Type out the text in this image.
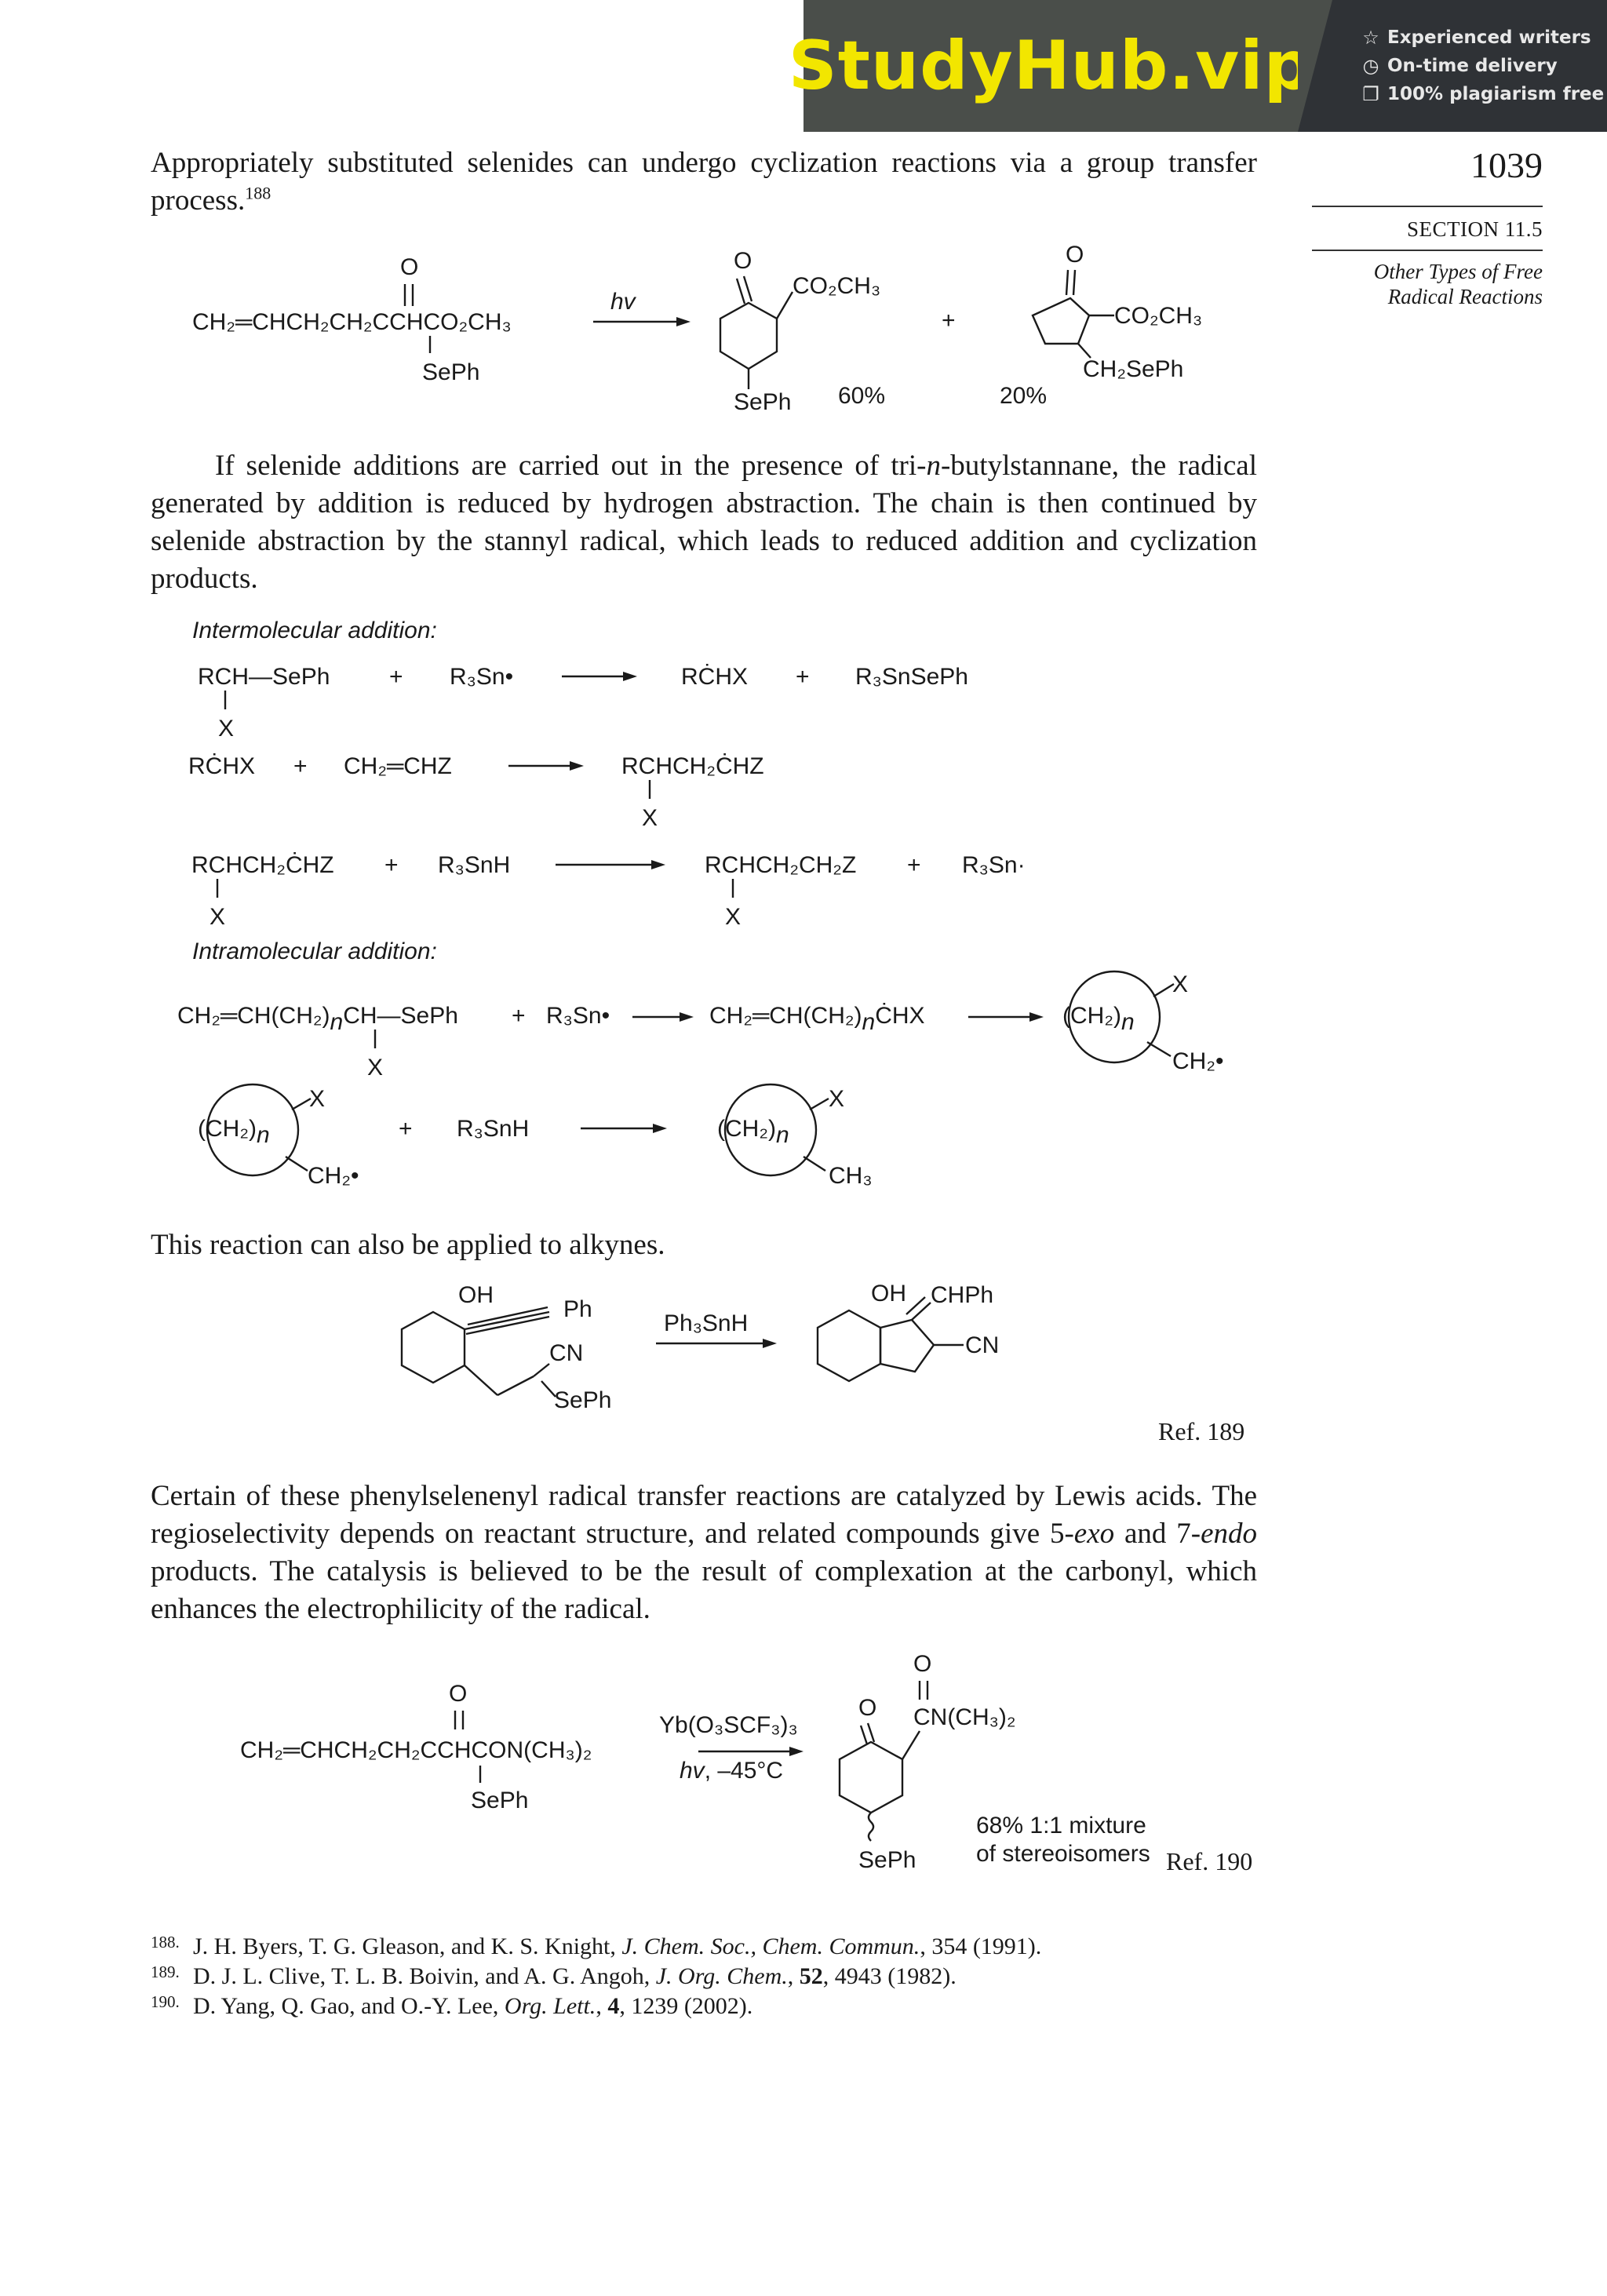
StudyHub.vip	☆ Experienced writers
◷ On-time delivery
❐ 100% plagiarism free
1039
SECTION 11.5
Other Types of Free
Radical Reactions

Appropriately substituted selenides can undergo cyclization reactions via a group transfer process.$^{188}$

O
CH₂═CHCH₂CH₂CCHCO₂CH₃
SePh
hv
O
CO₂CH₃
SePh 60%
+
O
CO₂CH₃
CH₂SePh
20%

If selenide additions are carried out in the presence of tri-n-butylstannane, the radical generated by addition is reduced by hydrogen abstraction. The chain is then continued by selenide abstraction by the stannyl radical, which leads to reduced addition and cyclization products.

Intermolecular addition:
RCH—SePh
X
+ R₃Sn•	RĊHX + R₃SnSePh
RĊHX + CH₂═CHZ	RCHCH₂ĊHZ
X
RCHCH₂ĊHZ
X
+ R₃SnH	RCHCH₂CH₂Z
X
+ R₃Sn·
Intramolecular addition:
CH₂═CH(CH₂)nCH—SePh
X
+ R₃Sn•	CH₂═CH(CH₂)nĊHX	(CH₂)n
X
CH₂•
(CH₂)n
X
CH₂•
+ R₃SnH	(CH₂)n
X
CH₃

This reaction can also be applied to alkynes.

OH
Ph
CN
SePh
Ph₃SnH
OH CHPh
CN
Ref. 189

Certain of these phenylselenenyl radical transfer reactions are catalyzed by Lewis acids. The regioselectivity depends on reactant structure, and related compounds give 5-exo and 7-endo products. The catalysis is believed to be the result of complexation at the carbonyl, which enhances the electrophilicity of the radical.

O
CH₂═CHCH₂CH₂CCHCON(CH₃)₂
SePh
Yb(O₃SCF₃)₃
hv, –45°C
O
O
CN(CH₃)₂
SePh
68% 1:1 mixture
of stereoisomers Ref. 190
188. J. H. Byers, T. G. Gleason, and K. S. Knight, J. Chem. Soc., Chem. Commun., 354 (1991).
189. D. J. L. Clive, T. L. B. Boivin, and A. G. Angoh, J. Org. Chem., 52, 4943 (1982).
190. D. Yang, Q. Gao, and O.-Y. Lee, Org. Lett., 4, 1239 (2002).
